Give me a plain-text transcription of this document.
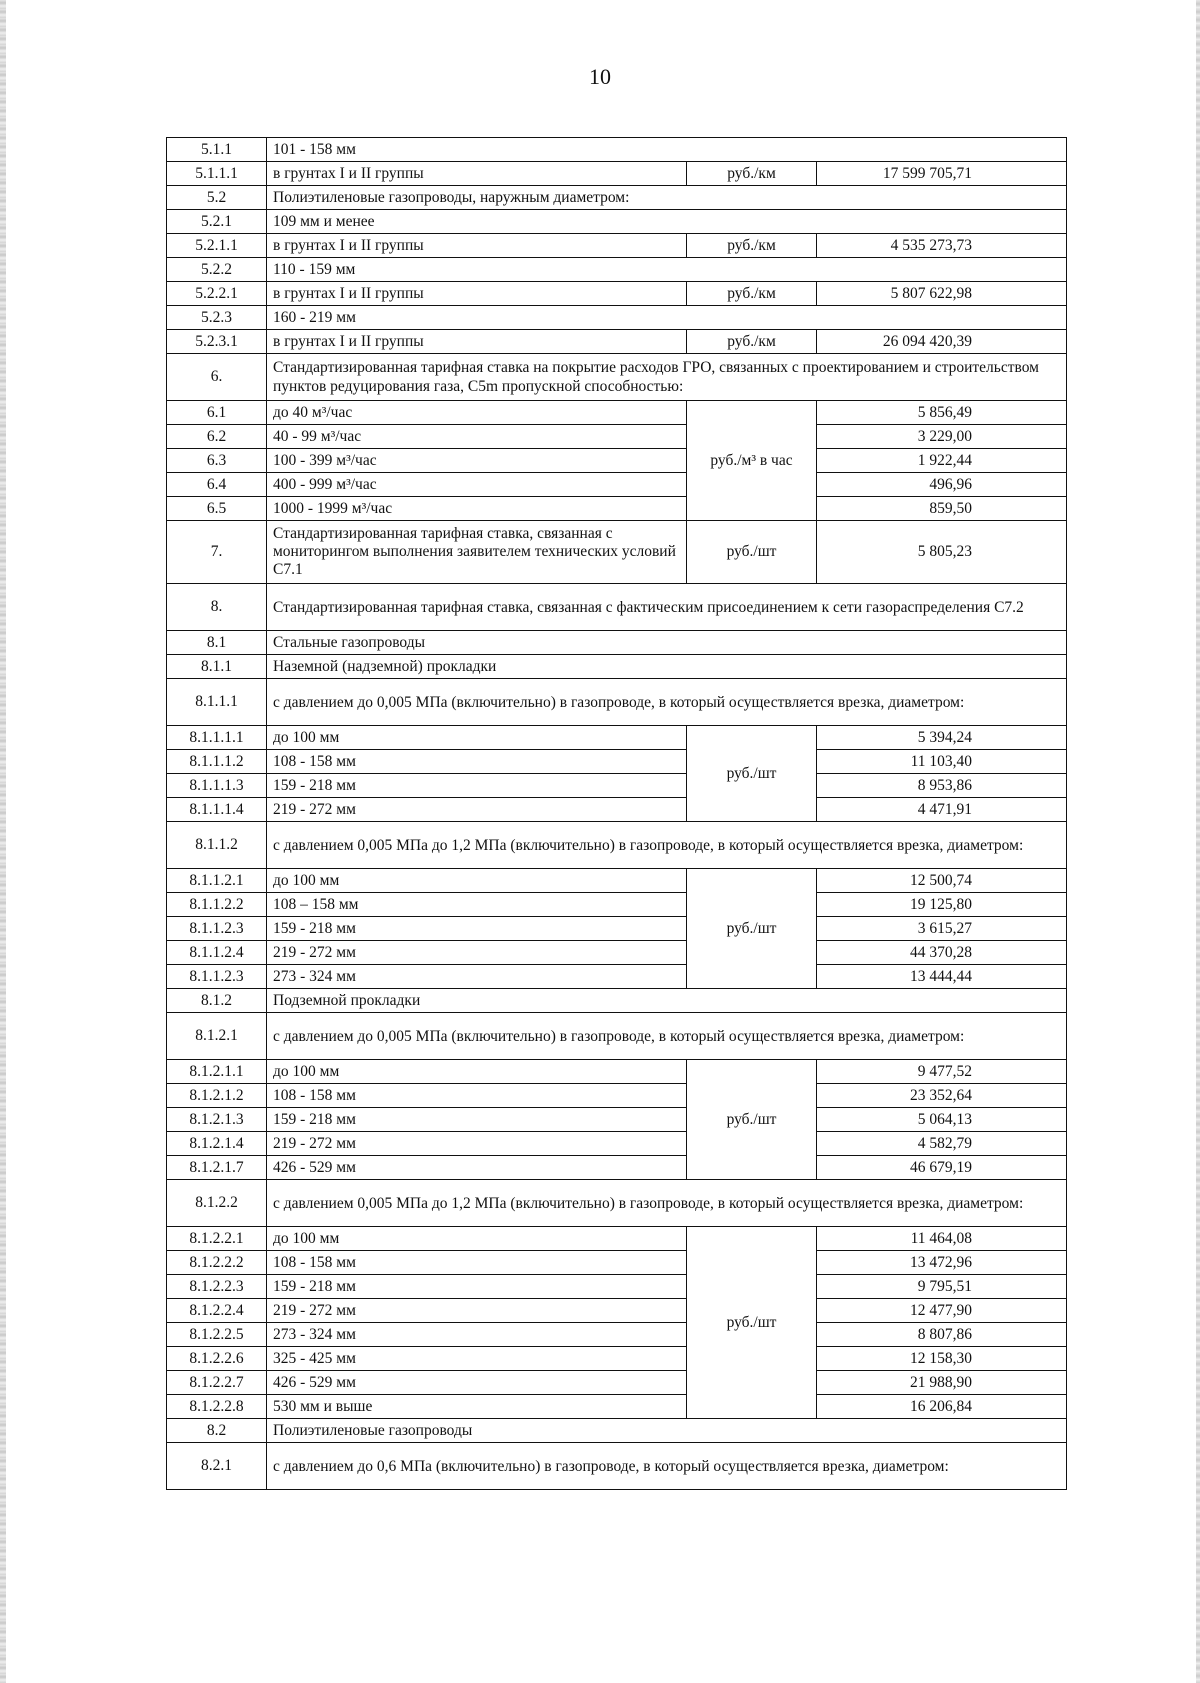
10
5.1.1	101 - 158 мм		
5.1.1.1	в грунтах I и II группы	руб./км	17 599 705,71
5.2	Полиэтиленовые газопроводы, наружным диаметром:		
5.2.1	109 мм и менее		
5.2.1.1	в грунтах I и II группы	руб./км	4 535 273,73
5.2.2	110 - 159 мм		
5.2.2.1	в грунтах I и II группы	руб./км	5 807 622,98
5.2.3	160 - 219 мм		
5.2.3.1	в грунтах I и II группы	руб./км	26 094 420,39
6.	Стандартизированная тарифная ставка на покрытие расходов ГРО, связанных с проектированием и строительством пунктов редуцирования газа, C5m пропускной способностью:		
6.1	до 40 м³/час	руб./м³ в час	5 856,49
6.2	40 - 99 м³/час		3 229,00
6.3	100 - 399 м³/час		1 922,44
6.4	400 - 999 м³/час		496,96
6.5	1000 - 1999 м³/час		859,50
7.	Стандартизированная тарифная ставка, связанная с мониторингом выполнения заявителем технических условий C7.1	руб./шт	5 805,23
8.	Стандартизированная тарифная ставка, связанная с фактическим присоединением к сети газораспределения C7.2		
8.1	Стальные газопроводы		
8.1.1	Наземной (надземной) прокладки		
8.1.1.1	с давлением до 0,005 МПа (включительно) в газопроводе, в который осуществляется врезка, диаметром:		
8.1.1.1.1	до 100 мм	руб./шт	5 394,24
8.1.1.1.2	108 - 158 мм		11 103,40
8.1.1.1.3	159 - 218 мм		8 953,86
8.1.1.1.4	219 - 272 мм		4 471,91
8.1.1.2	с давлением 0,005 МПа до 1,2 МПа (включительно) в газопроводе, в который осуществляется врезка, диаметром:		
8.1.1.2.1	до 100 мм	руб./шт	12 500,74
8.1.1.2.2	108 – 158 мм		19 125,80
8.1.1.2.3	159 - 218 мм		3 615,27
8.1.1.2.4	219 - 272 мм		44 370,28
8.1.1.2.3	273 - 324 мм		13 444,44
8.1.2	Подземной прокладки		
8.1.2.1	с давлением до 0,005 МПа (включительно) в газопроводе, в который осуществляется врезка, диаметром:		
8.1.2.1.1	до 100 мм	руб./шт	9 477,52
8.1.2.1.2	108 - 158 мм		23 352,64
8.1.2.1.3	159 - 218 мм		5 064,13
8.1.2.1.4	219 - 272 мм		4 582,79
8.1.2.1.7	426 - 529 мм		46 679,19
8.1.2.2	с давлением 0,005 МПа до 1,2 МПа (включительно) в газопроводе, в который осуществляется врезка, диаметром:		
8.1.2.2.1	до 100 мм	руб./шт	11 464,08
8.1.2.2.2	108 - 158 мм		13 472,96
8.1.2.2.3	159 - 218 мм		9 795,51
8.1.2.2.4	219 - 272 мм		12 477,90
8.1.2.2.5	273 - 324 мм		8 807,86
8.1.2.2.6	325 - 425 мм		12 158,30
8.1.2.2.7	426 - 529 мм		21 988,90
8.1.2.2.8	530 мм и выше		16 206,84
8.2	Полиэтиленовые газопроводы		
8.2.1	с давлением до 0,6 МПа (включительно) в газопроводе, в который осуществляется врезка, диаметром:		
